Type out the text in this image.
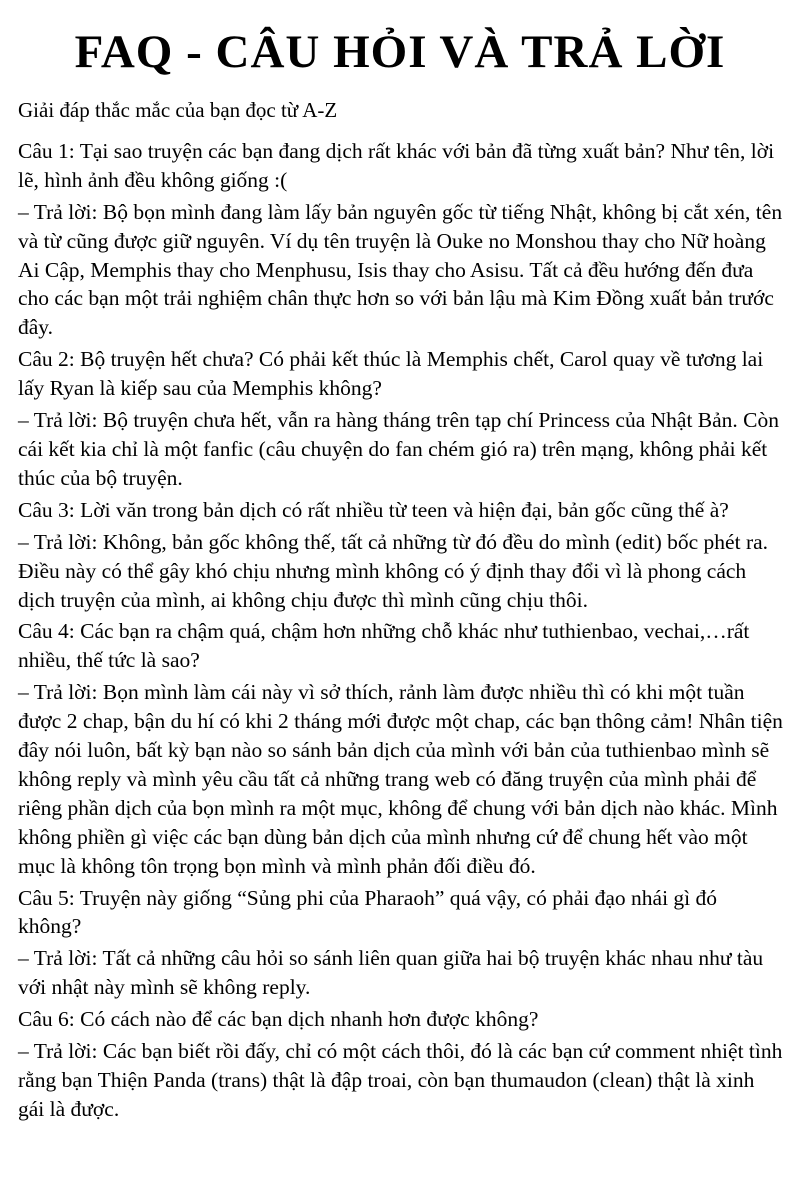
FAQ - CÂU HỎI VÀ TRẢ LỜI

Giải đáp thắc mắc của bạn đọc từ A-Z

Câu 1: Tại sao truyện các bạn đang dịch rất khác với bản đã từng xuất bản? Như tên, lời lẽ, hình ảnh đều không giống :(

– Trả lời: Bộ bọn mình đang làm lấy bản nguyên gốc từ tiếng Nhật, không bị cắt xén, tên và từ cũng được giữ nguyên. Ví dụ tên truyện là Ouke no Monshou thay cho Nữ hoàng Ai Cập, Memphis thay cho Menphusu, Isis thay cho Asisu. Tất cả đều hướng đến đưa cho các bạn một trải nghiệm chân thực hơn so với bản lậu mà Kim Đồng xuất bản trước đây.

Câu 2: Bộ truyện hết chưa? Có phải kết thúc là Memphis chết, Carol quay về tương lai lấy Ryan là kiếp sau của Memphis không?

– Trả lời: Bộ truyện chưa hết, vẫn ra hàng tháng trên tạp chí Princess của Nhật Bản. Còn cái kết kia chỉ là một fanfic (câu chuyện do fan chém gió ra) trên mạng, không phải kết thúc của bộ truyện.

Câu 3: Lời văn trong bản dịch có rất nhiều từ teen và hiện đại, bản gốc cũng thế à?

– Trả lời: Không, bản gốc không thế, tất cả những từ đó đều do mình (edit) bốc phét ra. Điều này có thể gây khó chịu nhưng mình không có ý định thay đổi vì là phong cách dịch truyện của mình, ai không chịu được thì mình cũng chịu thôi.

Câu 4: Các bạn ra chậm quá, chậm hơn những chỗ khác như tuthienbao, vechai,…rất nhiều, thế tức là sao?

– Trả lời: Bọn mình làm cái này vì sở thích, rảnh làm được nhiều thì có khi một tuần được 2 chap, bận du hí có khi 2 tháng mới được một chap, các bạn thông cảm! Nhân tiện đây nói luôn, bất kỳ bạn nào so sánh bản dịch của mình với bản của tuthienbao mình sẽ không reply và mình yêu cầu tất cả những trang web có đăng truyện của mình phải để riêng phần dịch của bọn mình ra một mục, không để chung với bản dịch nào khác. Mình không phiền gì việc các bạn dùng bản dịch của mình nhưng cứ để chung hết vào một mục là không tôn trọng bọn mình và mình phản đối điều đó.

Câu 5: Truyện này giống “Sủng phi của Pharaoh” quá vậy, có phải đạo nhái gì đó không?

– Trả lời: Tất cả những câu hỏi so sánh liên quan giữa hai bộ truyện khác nhau như tàu với nhật này mình sẽ không reply.

Câu 6: Có cách nào để các bạn dịch nhanh hơn được không?

– Trả lời: Các bạn biết rồi đấy, chỉ có một cách thôi, đó là các bạn cứ comment nhiệt tình rằng bạn Thiện Panda (trans) thật là đập troai, còn bạn thumaudon (clean) thật là xinh gái là được.
